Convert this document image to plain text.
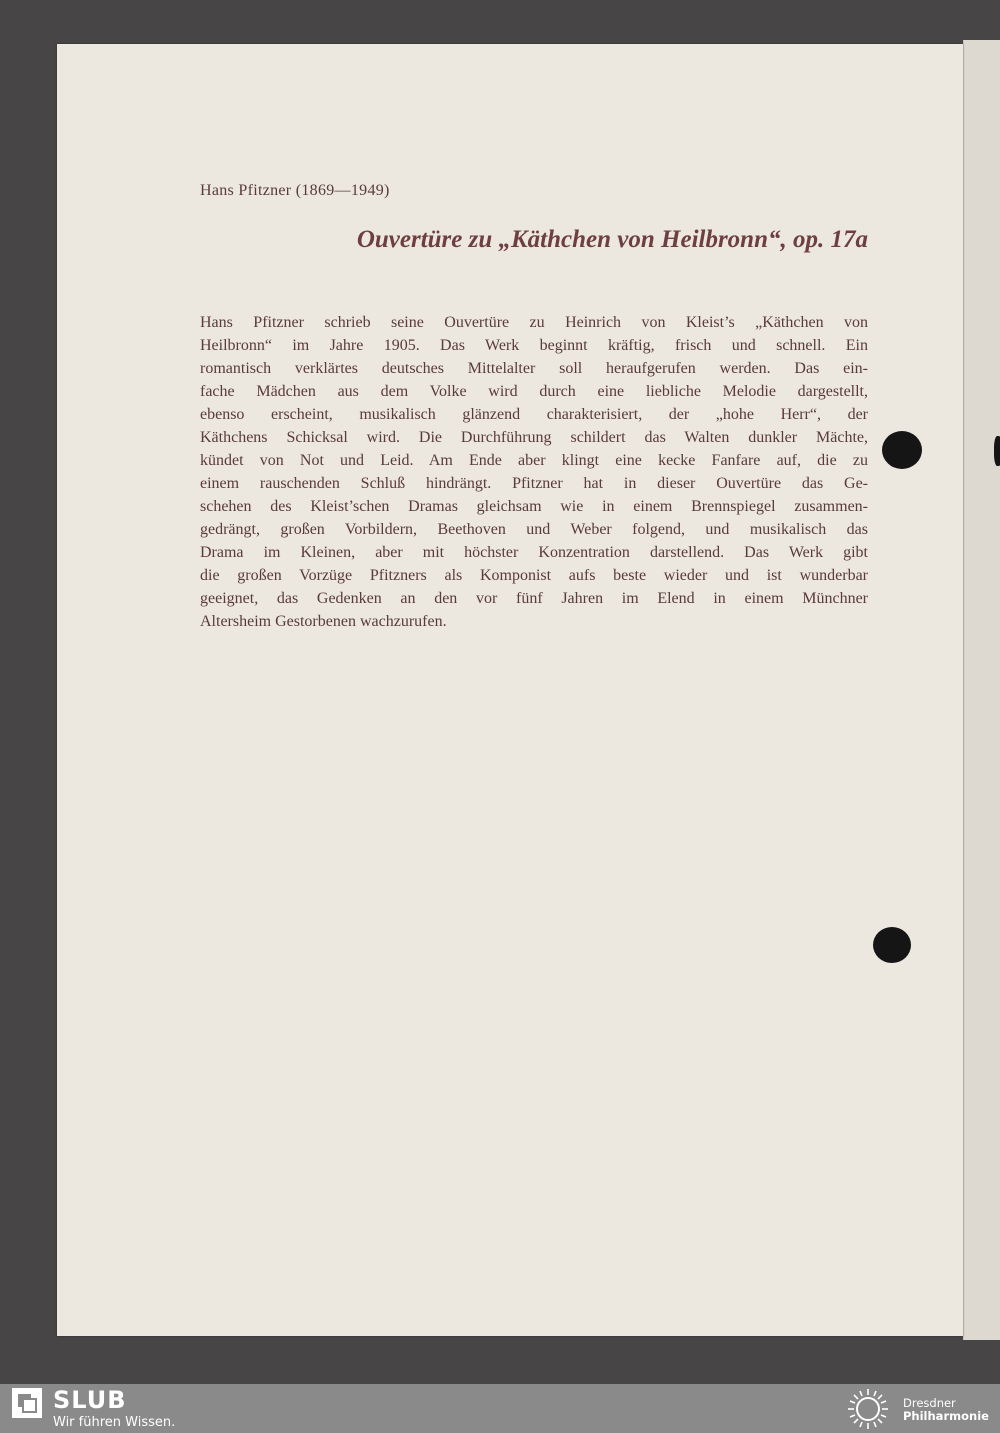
Hans Pfitzner (1869—1949)
Ouvertüre zu „Käthchen von Heilbronn“, op. 17a
Hans Pfitzner schrieb seine Ouvertüre zu Heinrich von Kleist’s „Käthchen von
Heilbronn“ im Jahre 1905. Das Werk beginnt kräftig, frisch und schnell. Ein
romantisch verklärtes deutsches Mittelalter soll heraufgerufen werden. Das ein-
fache Mädchen aus dem Volke wird durch eine liebliche Melodie dargestellt,
ebenso erscheint, musikalisch glänzend charakterisiert, der „hohe Herr“, der
Käthchens Schicksal wird. Die Durchführung schildert das Walten dunkler Mächte,
kündet von Not und Leid. Am Ende aber klingt eine kecke Fanfare auf, die zu
einem rauschenden Schluß hindrängt. Pfitzner hat in dieser Ouvertüre das Ge-
schehen des Kleist’schen Dramas gleichsam wie in einem Brennspiegel zusammen-
gedrängt, großen Vorbildern, Beethoven und Weber folgend, und musikalisch das
Drama im Kleinen, aber mit höchster Konzentration darstellend. Das Werk gibt
die großen Vorzüge Pfitzners als Komponist aufs beste wieder und ist wunderbar
geeignet, das Gedenken an den vor fünf Jahren im Elend in einem Münchner
Altersheim Gestorbenen wachzurufen.
SLUB
Wir führen Wissen.
Dresdner
Philharmonie
